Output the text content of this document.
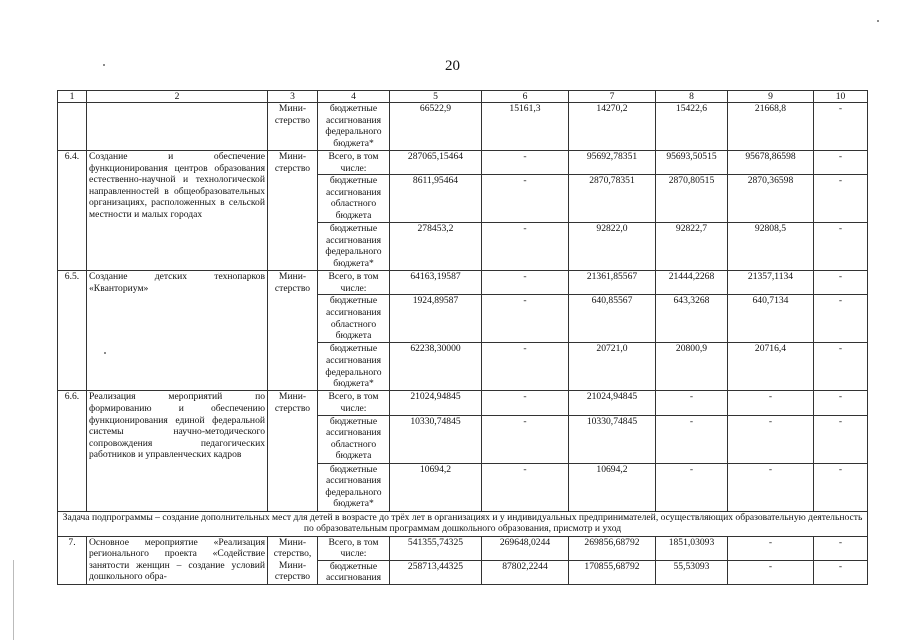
20
1	2	3	4	5	6	7	8	9	10
		Мини-стерство	бюджетные ассигнования федерального бюджета*	66522,9	15161,3	14270,2	15422,6	21668,8	-
6.4.	Создание и обеспечение функционирования центров образования естественно-научной и технологической направленностей в общеобразовательных организациях, расположенных в сельской местности и малых городах	Мини-стерство	Всего, в том числе:	287065,15464	-	95692,78351	95693,50515	95678,86598	-
			бюджетные ассигнования областного бюджета	8611,95464	-	2870,78351	2870,80515	2870,36598	-
			бюджетные ассигнования федерального бюджета*	278453,2	-	92822,0	92822,7	92808,5	-
6.5.	Создание детских технопарков «Кванториум»	Мини-стерство	Всего, в том числе:	64163,19587	-	21361,85567	21444,2268	21357,1134	-
			бюджетные ассигнования областного бюджета	1924,89587	-	640,85567	643,3268	640,7134	-
			бюджетные ассигнования федерального бюджета*	62238,30000	-	20721,0	20800,9	20716,4	-
6.6.	Реализация мероприятий по формированию и обеспечению функционирования единой федеральной системы научно-методического сопровождения педагогических работников и управленческих кадров	Мини-стерство	Всего, в том числе:	21024,94845	-	21024,94845	-	-	-
			бюджетные ассигнования областного бюджета	10330,74845	-	10330,74845	-	-	-
			бюджетные ассигнования федерального бюджета*	10694,2	-	10694,2	-	-	-
Задача подпрограммы – создание дополнительных мест для детей в возрасте до трёх лет в организациях и у индивидуальных предпринимателей, осуществляющих образовательную деятельность по образовательным программам дошкольного образования, присмотр и уход									
7.	Основное мероприятие «Реализация регионального проекта «Содействие занятости женщин – создание условий дошкольного обра-	Мини-стерство, Мини-стерство	Всего, в том числе:	541355,74325	269648,0244	269856,68792	1851,03093	-	-
			бюджетные ассигнования	258713,44325	87802,2244	170855,68792	55,53093	-	-
